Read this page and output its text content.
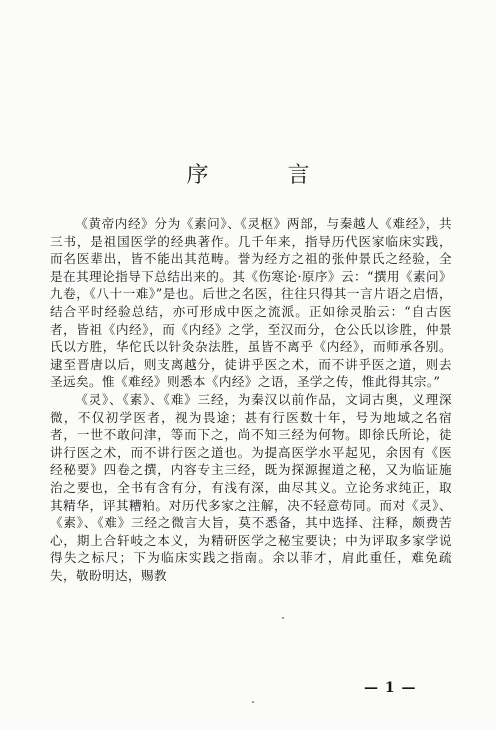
序 言

《黄帝内经》分为《素问》、《灵枢》两部，与秦越人《难经》，共三书，是祖国医学的经典著作。几千年来，指导历代医家临床实践，而名医辈出，皆不能出其范畴。誉为经方之祖的张仲景氏之经验，全是在其理论指导下总结出来的。其《伤寒论·原序》云：“撰用《素问》九卷，《八十一难》”是也。后世之名医，往往只得其一言片语之启悟，结合平时经验总结，亦可形成中医之流派。正如徐灵胎云：“自古医者，皆祖《内经》，而《内经》之学，至汉而分，仓公氏以诊胜，仲景氏以方胜，华佗氏以针灸杂法胜，虽皆不离乎《内经》，而师承各别。逮至晋唐以后，则支离越分，徒讲乎医之术，而不讲乎医之道，则去圣远矣。惟《难经》则悉本《内经》之语，圣学之传，惟此得其宗。”

《灵》、《素》、《难》三经，为秦汉以前作品，文词古奥，义理深微，不仅初学医者，视为畏途；甚有行医数十年，号为地域之名宿者，一世不敢问津，等而下之，尚不知三经为何物。即徐氏所论，徒讲行医之术，而不讲行医之道也。为提高医学水平起见，余因有《医经秘要》四卷之撰，内容专主三经，既为探源握道之秘，又为临证施治之要也，全书有含有分，有浅有深，曲尽其义。立论务求纯正，取其精华，评其糟粕。对历代多家之注解，决不轻意苟同。而对《灵》、《素》、《难》三经之微言大旨，莫不悉备，其中选择、注释，颇费苦心，期上合轩岐之本义，为精研医学之秘宝要诀；中为评取多家学说得失之标尺；下为临床实践之指南。余以菲才，肩此重任，难免疏失，敬盼明达，赐教

— 1 —
